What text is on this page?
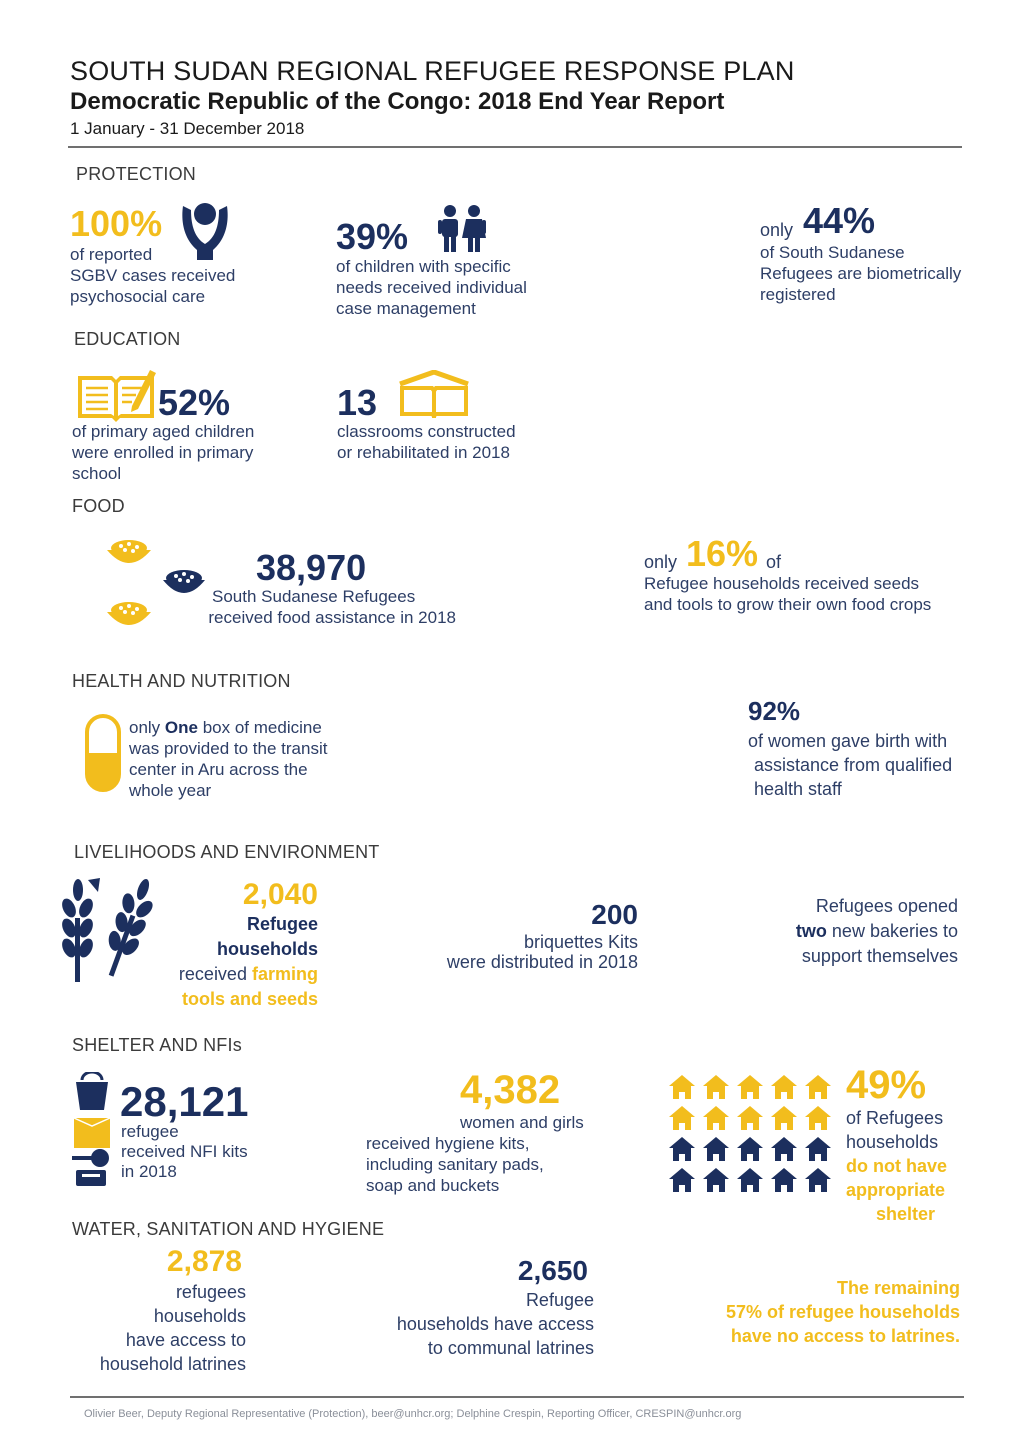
SOUTH SUDAN REGIONAL REFUGEE RESPONSE PLAN
Democratic Republic of the Congo: 2018 End Year Report
1 January - 31 December 2018
PROTECTION
100%
of reported
SGBV cases received
psychosocial care
39%
of children with specific
needs received individual
case management
only 44%
of South Sudanese
Refugees are biometrically
registered
EDUCATION
52%
of primary aged children
were enrolled in primary
school
13
classrooms constructed
or rehabilitated in 2018
FOOD
38,970
South Sudanese Refugees
received food assistance in 2018
only 16% of
Refugee households received seeds
and tools to grow their own food crops
HEALTH AND NUTRITION
only One box of medicine
was provided to the transit
center in Aru across the
whole year
92%
of women gave birth with
assistance from qualified
health staff
LIVELIHOODS AND ENVIRONMENT
2,040
Refugee
households
received farming
tools and seeds
200
briquettes Kits
were distributed in 2018
Refugees opened
two new bakeries to
support themselves
SHELTER AND NFIs
28,121
refugee
received NFI kits
in 2018
4,382
women and girls
received hygiene kits,
including sanitary pads,
soap and buckets
49%
of Refugees
households
do not have
appropriate
shelter
WATER, SANITATION AND HYGIENE
2,878
refugees
households
have access to
household latrines
2,650
Refugee
households have access
to communal latrines
The remaining
57% of refugee households
have no access to latrines.
Olivier Beer, Deputy Regional Representative (Protection), beer@unhcr.org; Delphine Crespin, Reporting Officer, CRESPIN@unhcr.org
